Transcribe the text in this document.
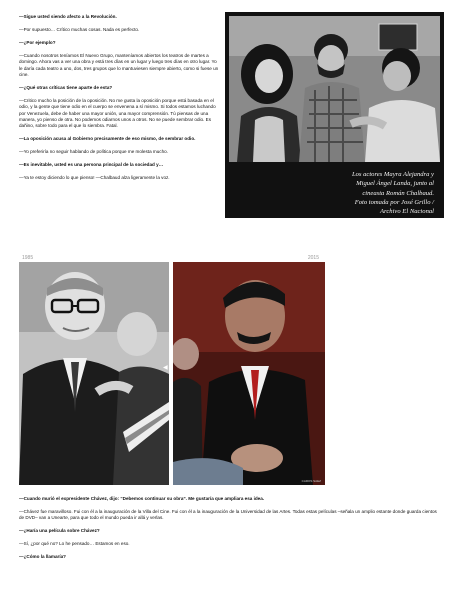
—Sigue usted siendo afecto a la Revolución.

—Por supuesto… Crítico muchas cosas. Nada es perfecto.

—¿Por ejemplo?

—Cuando nosotros teníamos El Nuevo Grupo, manteníamos abiertos los teatros de martes a domingo. Ahora vas a ver una obra y está tres días en un lugar y luego tres días en otro lugar. Yo le daría cada teatro a uno, dos, tres grupos que lo mantuviesen siempre abierto, como si fuese un cine.

—¿Qué otras críticas tiene aparte de esta?

—Critico mucho la posición de la oposición. No me gusta la oposición porque está basada en el odio, y la gente que tiene odio en el cuerpo se envenena a sí mismo. Si todos estamos luchando por Venezuela, debe de haber una mayor unión, una mayor comprensión. Tú piensas de una manera, yo pienso de otra. No podemos odiarnos unos a otros. No se puede sembrar odio. Es dañino, sobre todo para el que lo siembra. Fatal.

—La oposición acusa al Gobierno precisamente de eso mismo, de sembrar odio.

—Yo preferiría no seguir hablando de política porque me molesta mucho.

—Es inevitable, usted es una persona principal de la sociedad y…

—Ya te estoy diciendo lo que pienso! —Chalbaud alza ligeramente la voz.	Los actores Mayra Alejandra y
Miguel Ángel Landa, junto al
cineasta Román Chalbaud.
Foto tomada por José Grillo /
Archivo El Nacional
1985	2015
◀
CAROS SAEZ

—Cuando murió el expresidente Chávez, dijo: “Debemos continuar su obra”. Me gustaría que ampliara esa idea.

—Chávez fue maravilloso. Fui con él a la inauguración de la Villa del Cine. Fui con él a la inauguración de la Universidad de las Artes. Todas estas películas –señala un amplio estante donde guarda cientos de DVD– van a Unearte, para que todo el mundo pueda ir allá y verlas.

—¿Haría una película sobre Chávez?

—Sí, ¿por qué no? Lo he pensado… Estamos en eso.

—¿Cómo la llamaría?
